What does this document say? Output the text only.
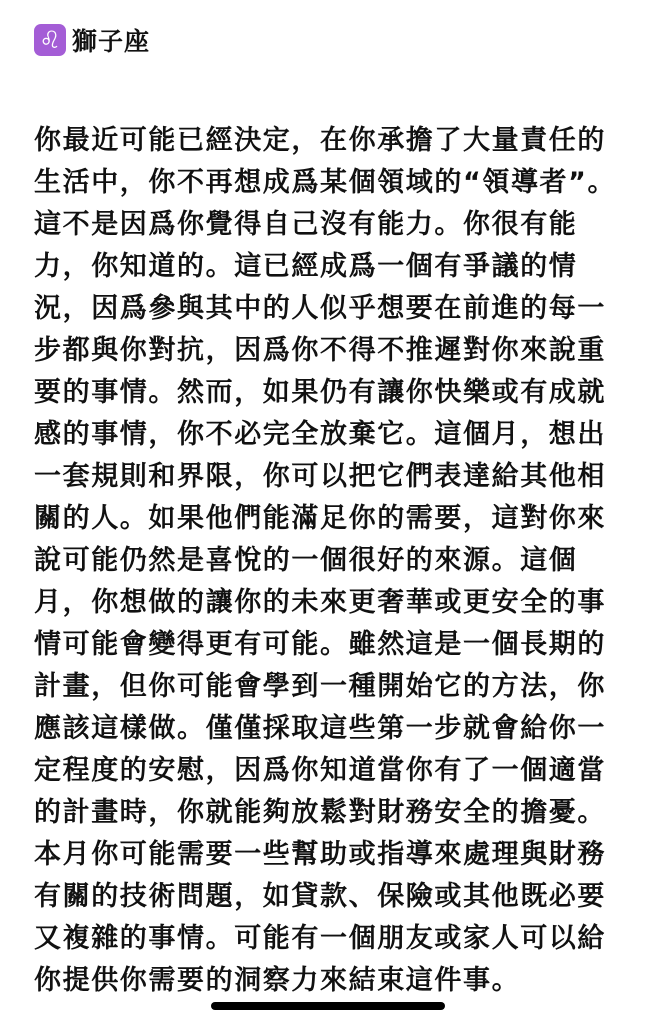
♌ 獅子座

你最近可能已經決定，在你承擔了大量責任的

生活中，你不再想成爲某個領域的“領導者”。

這不是因爲你覺得自己沒有能力。你很有能

力，你知道的。這已經成爲一個有爭議的情

況，因爲參與其中的人似乎想要在前進的每一

步都與你對抗，因爲你不得不推遲對你來說重

要的事情。然而，如果仍有讓你快樂或有成就

感的事情，你不必完全放棄它。這個月，想出

一套規則和界限，你可以把它們表達給其他相

關的人。如果他們能滿足你的需要，這對你來

說可能仍然是喜悅的一個很好的來源。這個

月，你想做的讓你的未來更奢華或更安全的事

情可能會變得更有可能。雖然這是一個長期的

計畫，但你可能會學到一種開始它的方法，你

應該這樣做。僅僅採取這些第一步就會給你一

定程度的安慰，因爲你知道當你有了一個適當

的計畫時，你就能夠放鬆對財務安全的擔憂。

本月你可能需要一些幫助或指導來處理與財務

有關的技術問題，如貸款、保險或其他既必要

又複雜的事情。可能有一個朋友或家人可以給

你提供你需要的洞察力來結束這件事。
